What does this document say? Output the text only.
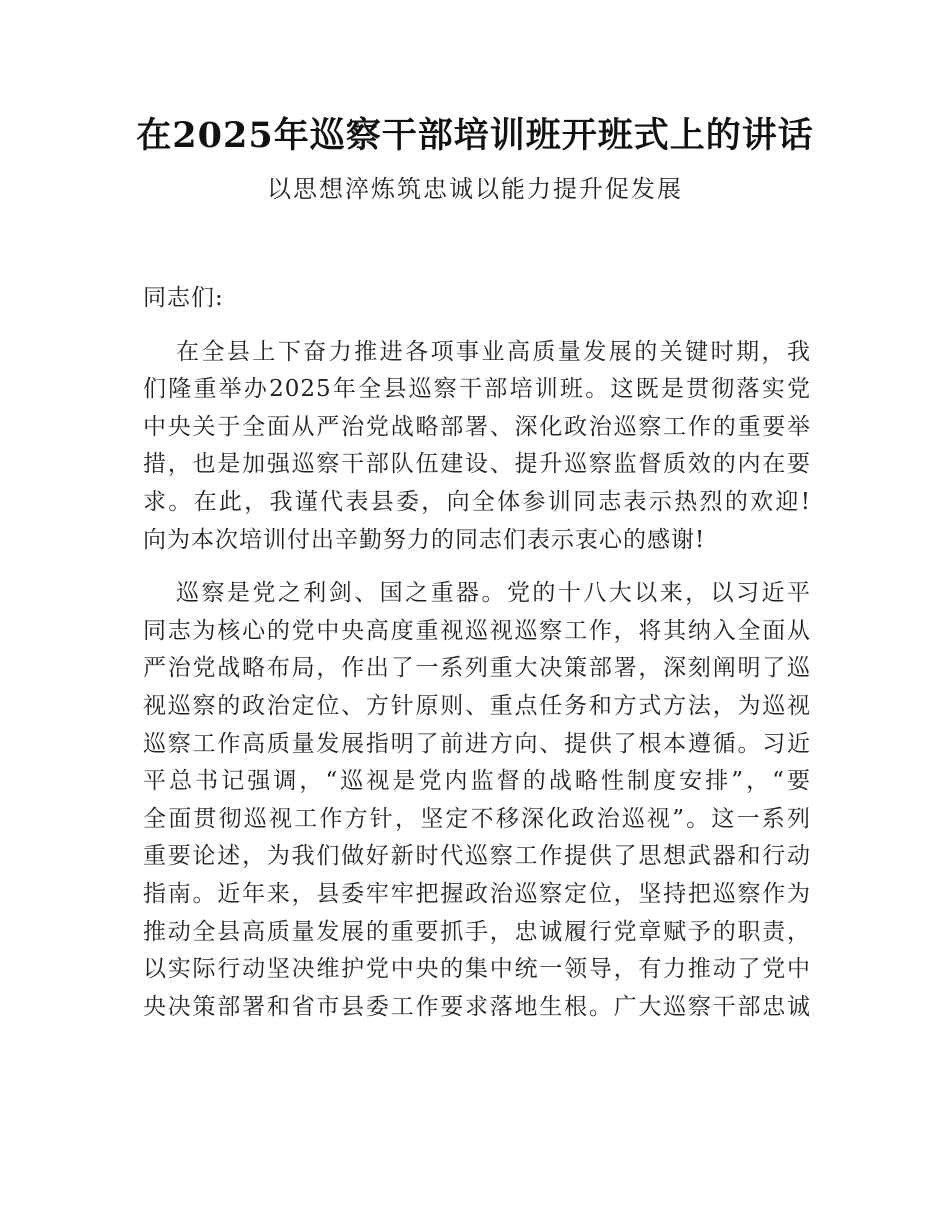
在2025年巡察干部培训班开班式上的讲话
以思想淬炼筑忠诚以能力提升促发展
同志们:
在全县上下奋力推进各项事业高质量发展的关键时期，我
们隆重举办2025年全县巡察干部培训班。这既是贯彻落实党
中央关于全面从严治党战略部署、深化政治巡察工作的重要举
措，也是加强巡察干部队伍建设、提升巡察监督质效的内在要
求。在此，我谨代表县委，向全体参训同志表示热烈的欢迎!
向为本次培训付出辛勤努力的同志们表示衷心的感谢!
巡察是党之利剑、国之重器。党的十八大以来，以习近平
同志为核心的党中央高度重视巡视巡察工作，将其纳入全面从
严治党战略布局，作出了一系列重大决策部署，深刻阐明了巡
视巡察的政治定位、方针原则、重点任务和方式方法，为巡视
巡察工作高质量发展指明了前进方向、提供了根本遵循。习近
平总书记强调，“巡视是党内监督的战略性制度安排”，“要
全面贯彻巡视工作方针，坚定不移深化政治巡视”。这一系列
重要论述，为我们做好新时代巡察工作提供了思想武器和行动
指南。近年来，县委牢牢把握政治巡察定位，坚持把巡察作为
推动全县高质量发展的重要抓手，忠诚履行党章赋予的职责，
以实际行动坚决维护党中央的集中统一领导，有力推动了党中
央决策部署和省市县委工作要求落地生根。广大巡察干部忠诚
